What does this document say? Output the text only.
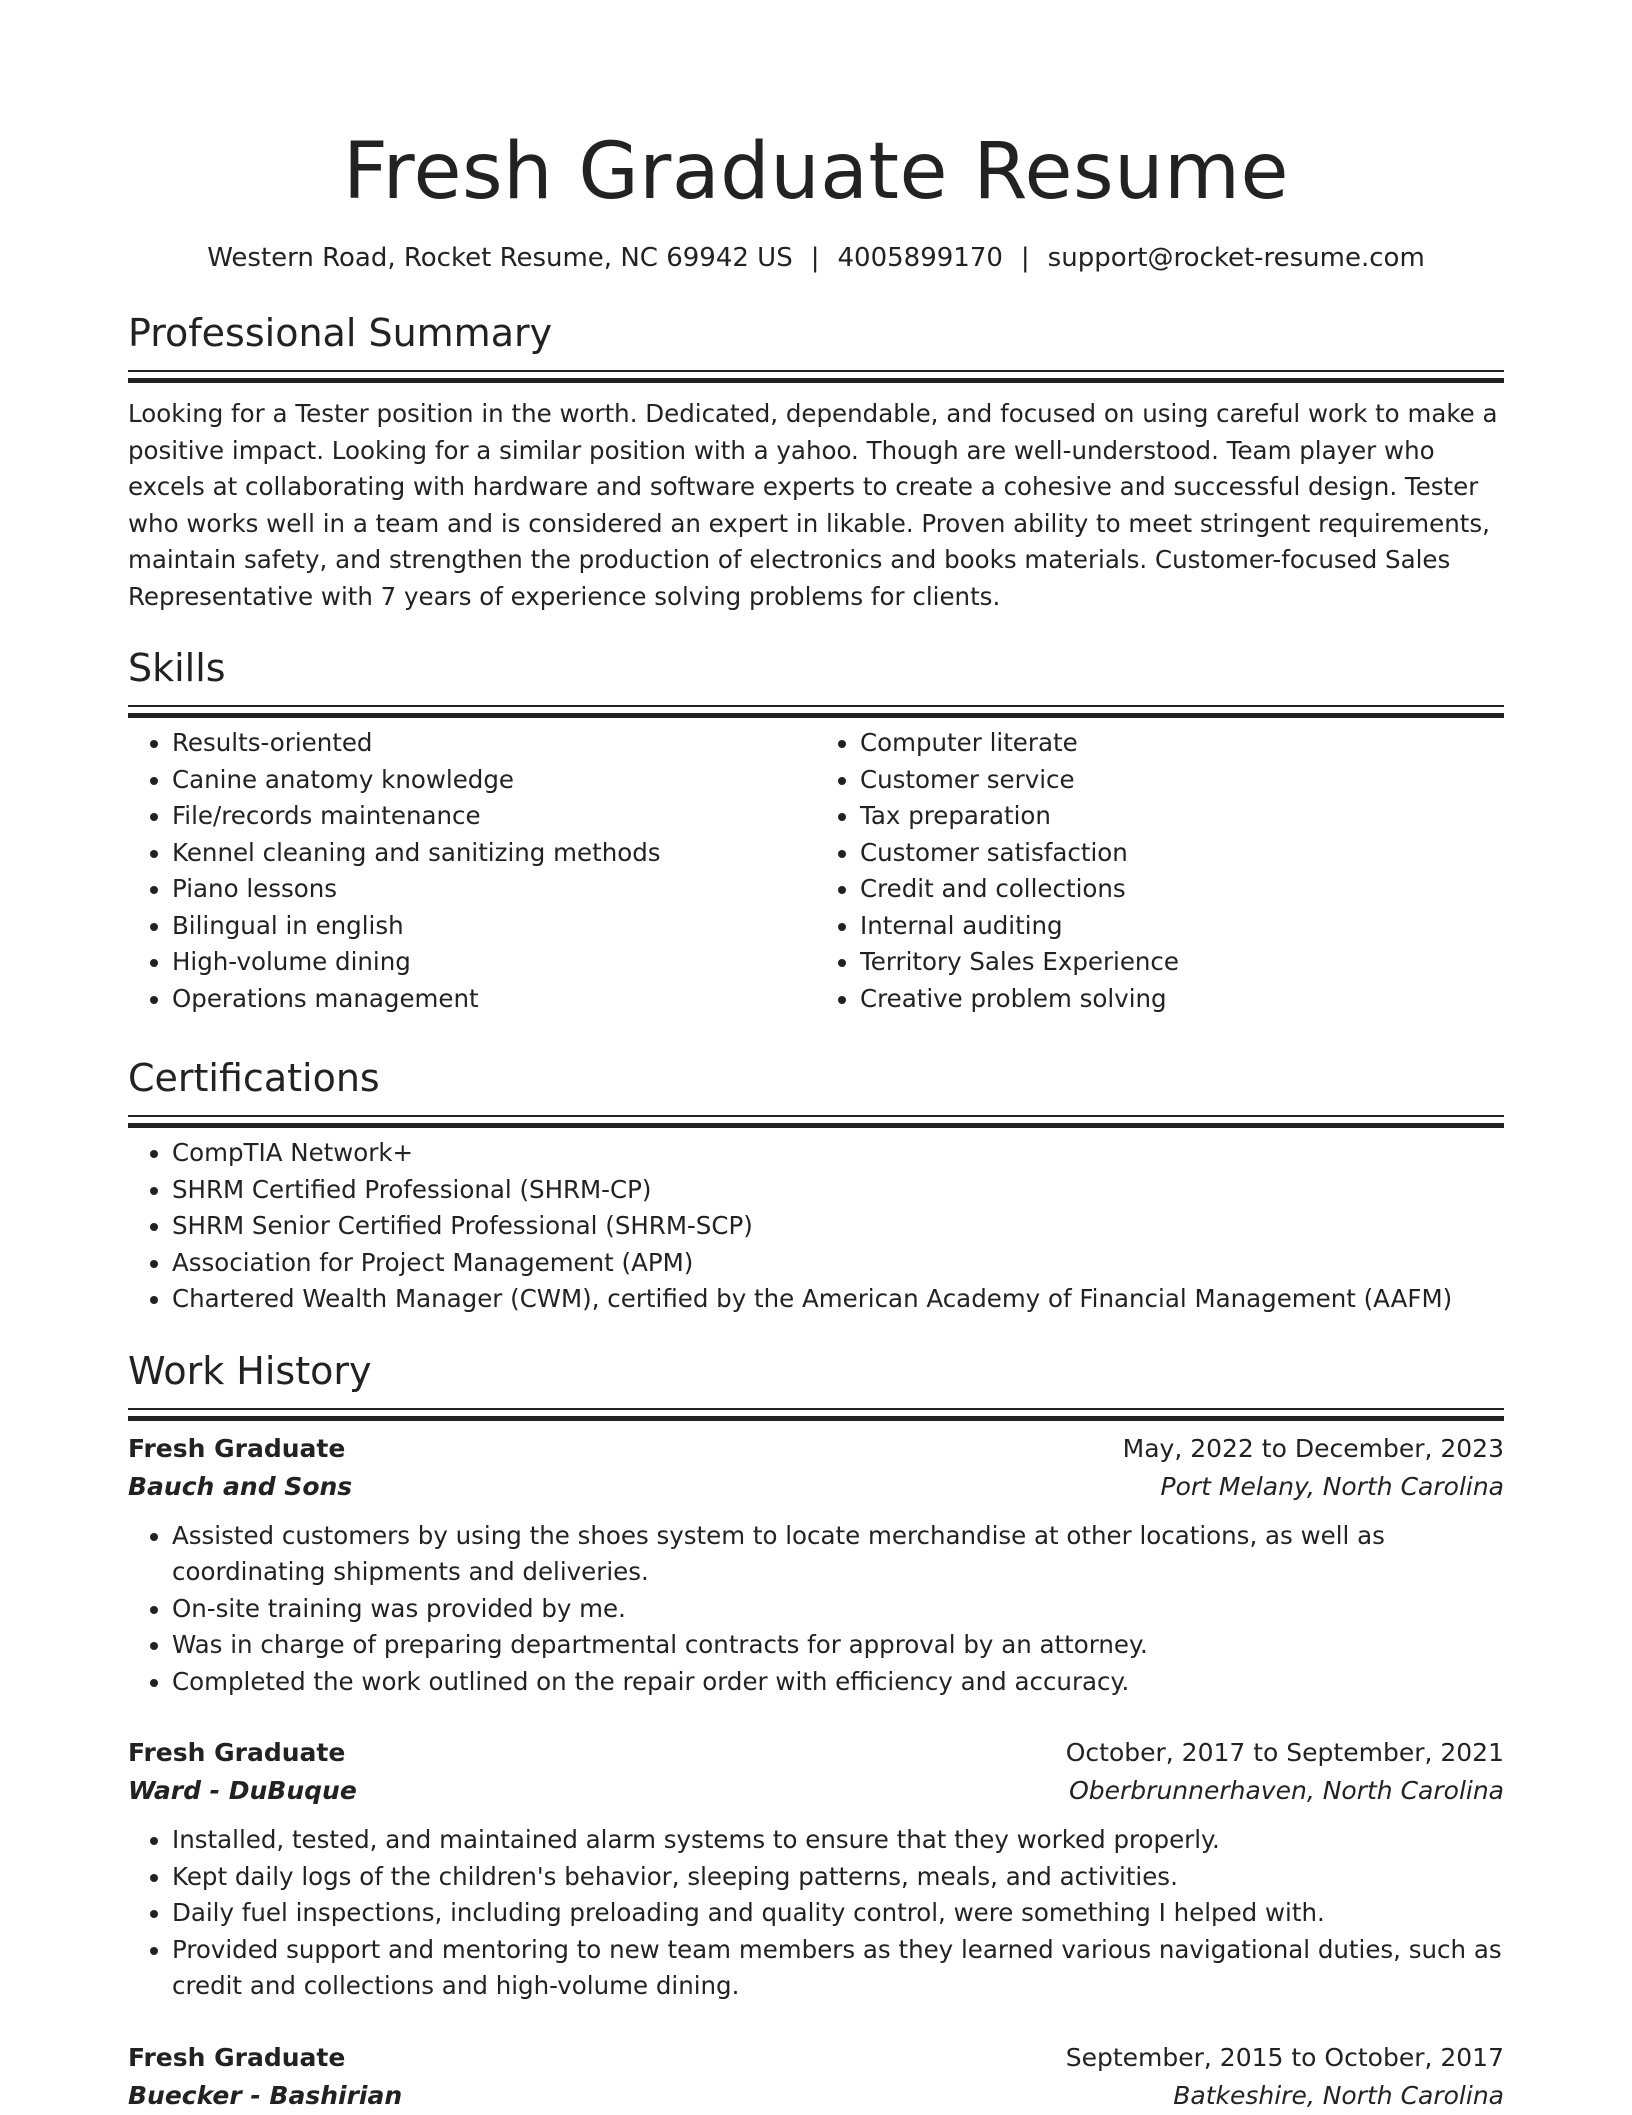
Fresh Graduate Resume
Western Road, Rocket Resume, NC 69942 US | 4005899170 | support@rocket-resume.com
Professional Summary
Looking for a Tester position in the worth. Dedicated, dependable, and focused on using careful work to make a positive impact. Looking for a similar position with a yahoo. Though are well-understood. Team player who excels at collaborating with hardware and software experts to create a cohesive and successful design. Tester who works well in a team and is considered an expert in likable. Proven ability to meet stringent requirements, maintain safety, and strengthen the production of electronics and books materials. Customer-focused Sales Representative with 7 years of experience solving problems for clients.
Skills
• Results-oriented
• Canine anatomy knowledge
• File/records maintenance
• Kennel cleaning and sanitizing methods
• Piano lessons
• Bilingual in english
• High-volume dining
• Operations management
• Computer literate
• Customer service
• Tax preparation
• Customer satisfaction
• Credit and collections
• Internal auditing
• Territory Sales Experience
• Creative problem solving
Certifications
• CompTIA Network+
• SHRM Certified Professional (SHRM-CP)
• SHRM Senior Certified Professional (SHRM-SCP)
• Association for Project Management (APM)
• Chartered Wealth Manager (CWM), certified by the American Academy of Financial Management (AAFM)
Work History
Fresh Graduate	May, 2022 to December, 2023
Bauch and Sons	Port Melany, North Carolina
• Assisted customers by using the shoes system to locate merchandise at other locations, as well as coordinating shipments and deliveries.
• On-site training was provided by me.
• Was in charge of preparing departmental contracts for approval by an attorney.
• Completed the work outlined on the repair order with efficiency and accuracy.
Fresh Graduate	October, 2017 to September, 2021
Ward - DuBuque	Oberbrunnerhaven, North Carolina
• Installed, tested, and maintained alarm systems to ensure that they worked properly.
• Kept daily logs of the children's behavior, sleeping patterns, meals, and activities.
• Daily fuel inspections, including preloading and quality control, were something I helped with.
• Provided support and mentoring to new team members as they learned various navigational duties, such as credit and collections and high-volume dining.
Fresh Graduate	September, 2015 to October, 2017
Buecker - Bashirian	Batkeshire, North Carolina
